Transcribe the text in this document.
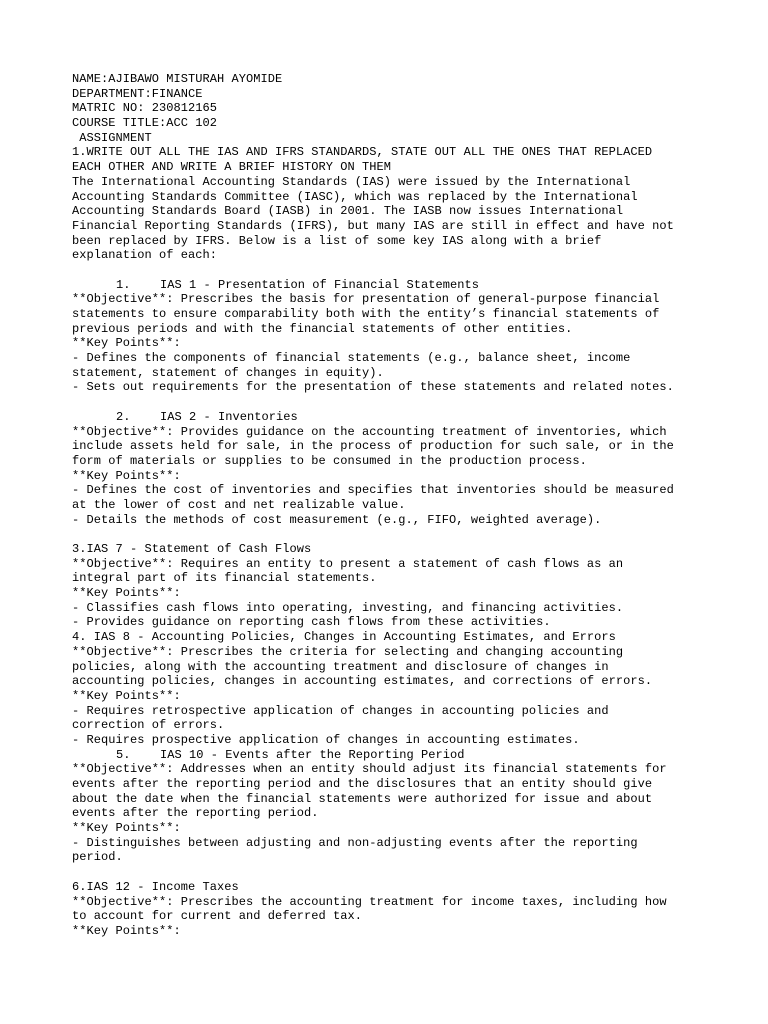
NAME:AJIBAWO MISTURAH AYOMIDE
DEPARTMENT:FINANCE
MATRIC NO: 230812165
COURSE TITLE:ACC 102
ASSIGNMENT
1.WRITE OUT ALL THE IAS AND IFRS STANDARDS, STATE OUT ALL THE ONES THAT REPLACED
EACH OTHER AND WRITE A BRIEF HISTORY ON THEM
The International Accounting Standards (IAS) were issued by the International
Accounting Standards Committee (IASC), which was replaced by the International
Accounting Standards Board (IASB) in 2001. The IASB now issues International
Financial Reporting Standards (IFRS), but many IAS are still in effect and have not
been replaced by IFRS. Below is a list of some key IAS along with a brief
explanation of each:
1. IAS 1 - Presentation of Financial Statements
**Objective**: Prescribes the basis for presentation of general-purpose financial
statements to ensure comparability both with the entity’s financial statements of
previous periods and with the financial statements of other entities.
**Key Points**:
- Defines the components of financial statements (e.g., balance sheet, income
statement, statement of changes in equity).
- Sets out requirements for the presentation of these statements and related notes.
2. IAS 2 - Inventories
**Objective**: Provides guidance on the accounting treatment of inventories, which
include assets held for sale, in the process of production for such sale, or in the
form of materials or supplies to be consumed in the production process.
**Key Points**:
- Defines the cost of inventories and specifies that inventories should be measured
at the lower of cost and net realizable value.
- Details the methods of cost measurement (e.g., FIFO, weighted average).
3.IAS 7 - Statement of Cash Flows
**Objective**: Requires an entity to present a statement of cash flows as an
integral part of its financial statements.
**Key Points**:
- Classifies cash flows into operating, investing, and financing activities.
- Provides guidance on reporting cash flows from these activities.
4. IAS 8 - Accounting Policies, Changes in Accounting Estimates, and Errors
**Objective**: Prescribes the criteria for selecting and changing accounting
policies, along with the accounting treatment and disclosure of changes in
accounting policies, changes in accounting estimates, and corrections of errors.
**Key Points**:
- Requires retrospective application of changes in accounting policies and
correction of errors.
- Requires prospective application of changes in accounting estimates.
5. IAS 10 - Events after the Reporting Period
**Objective**: Addresses when an entity should adjust its financial statements for
events after the reporting period and the disclosures that an entity should give
about the date when the financial statements were authorized for issue and about
events after the reporting period.
**Key Points**:
- Distinguishes between adjusting and non-adjusting events after the reporting
period.
6.IAS 12 - Income Taxes
**Objective**: Prescribes the accounting treatment for income taxes, including how
to account for current and deferred tax.
**Key Points**:
